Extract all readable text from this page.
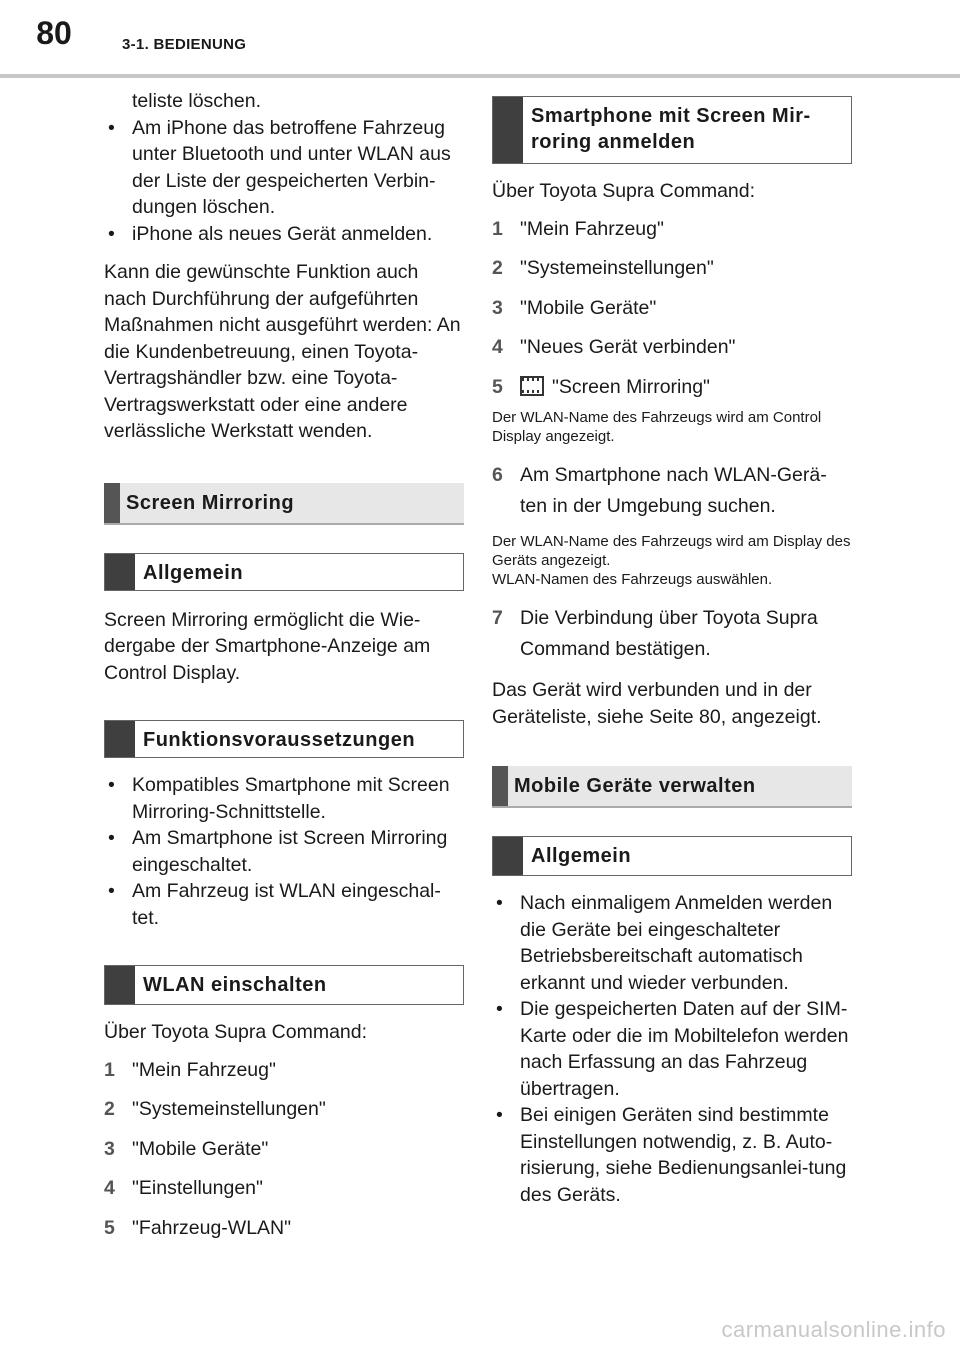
80	3-1. BEDIENUNG

teliste löschen.

• Am iPhone das betroffene Fahrzeug unter Bluetooth und unter WLAN aus der Liste der gespeicherten Verbin-dungen löschen.

• iPhone als neues Gerät anmelden.

Kann die gewünschte Funktion auch nach Durchführung der aufgeführten Maßnahmen nicht ausgeführt werden: An die Kundenbetreuung, einen Toyota-Vertragshändler bzw. eine Toyota-Vertragswerkstatt oder eine andere verlässliche Werkstatt wenden.

Screen Mirroring
Allgemein

Screen Mirroring ermöglicht die Wie-dergabe der Smartphone-Anzeige am Control Display.

Funktionsvoraussetzungen

• Kompatibles Smartphone mit Screen Mirroring-Schnittstelle.

• Am Smartphone ist Screen Mirroring eingeschaltet.

• Am Fahrzeug ist WLAN eingeschal-tet.

WLAN einschalten

Über Toyota Supra Command:

1 "Mein Fahrzeug"
2 "Systemeinstellungen"
3 "Mobile Geräte"
4 "Einstellungen"
5 "Fahrzeug-WLAN"
Smartphone mit Screen Mir-roring anmelden

Über Toyota Supra Command:

1 "Mein Fahrzeug"
2 "Systemeinstellungen"
3 "Mobile Geräte"
4 "Neues Gerät verbinden"
5	"Screen Mirroring"

Der WLAN-Name des Fahrzeugs wird am Control Display angezeigt.

6 Am Smartphone nach WLAN-Gerä-ten in der Umgebung suchen.

Der WLAN-Name des Fahrzeugs wird am Display des Geräts angezeigt.

WLAN-Namen des Fahrzeugs auswählen.

7 Die Verbindung über Toyota Supra Command bestätigen.

Das Gerät wird verbunden und in der Geräteliste, siehe Seite 80, angezeigt.

Mobile Geräte verwalten
Allgemein

• Nach einmaligem Anmelden werden die Geräte bei eingeschalteter Betriebsbereitschaft automatisch erkannt und wieder verbunden.

• Die gespeicherten Daten auf der SIM-Karte oder die im Mobiltelefon werden nach Erfassung an das Fahrzeug übertragen.

• Bei einigen Geräten sind bestimmte Einstellungen notwendig, z. B. Auto-risierung, siehe Bedienungsanlei-tung des Geräts.

carmanualsonline.info
